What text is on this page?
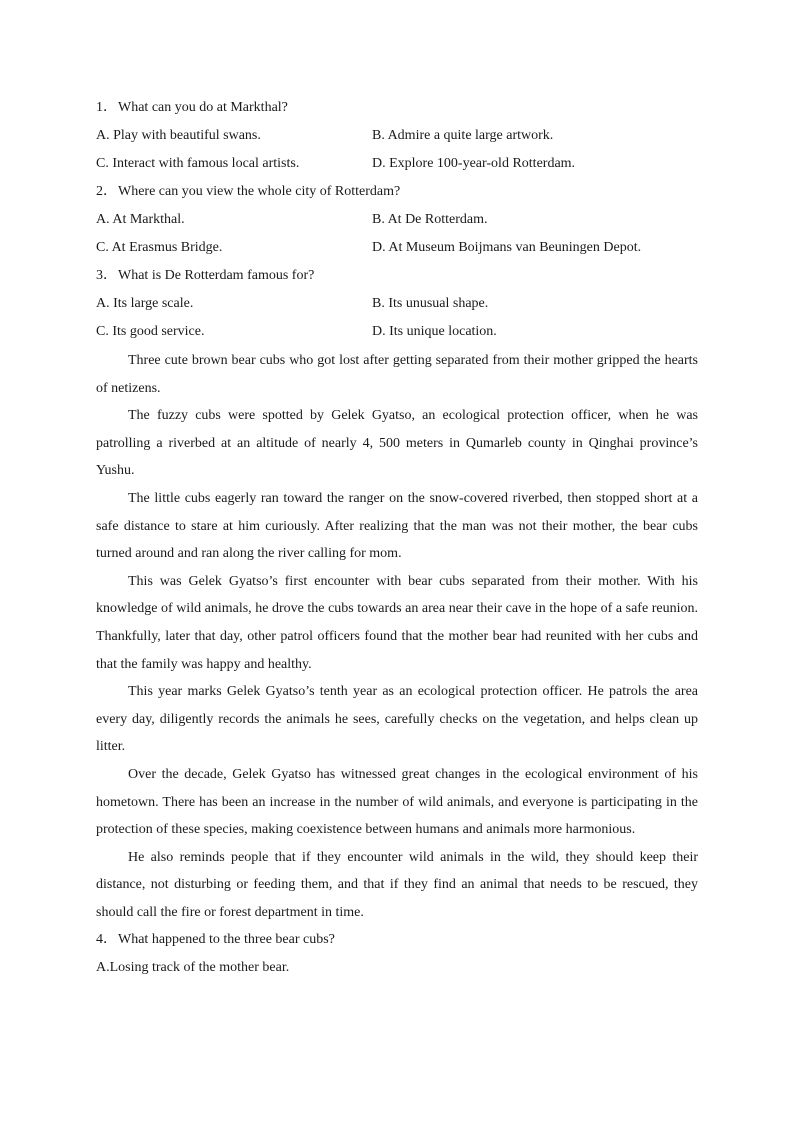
1．What can you do at Markthal?
A. Play with beautiful swans.	B. Admire a quite large artwork.
C. Interact with famous local artists.	D. Explore 100-year-old Rotterdam.
2．Where can you view the whole city of Rotterdam?
A. At Markthal.	B. At De Rotterdam.
C. At Erasmus Bridge.	D. At Museum Boijmans van Beuningen Depot.
3．What is De Rotterdam famous for?
A. Its large scale.	B. Its unusual shape.
C. Its good service.	D. Its unique location.

Three cute brown bear cubs who got lost after getting separated from their mother gripped the hearts of netizens.

The fuzzy cubs were spotted by Gelek Gyatso, an ecological protection officer, when he was patrolling a riverbed at an altitude of nearly 4, 500 meters in Qumarleb county in Qinghai province’s Yushu.

The little cubs eagerly ran toward the ranger on the snow-covered riverbed, then stopped short at a safe distance to stare at him curiously. After realizing that the man was not their mother, the bear cubs turned around and ran along the river calling for mom.

This was Gelek Gyatso’s first encounter with bear cubs separated from their mother. With his knowledge of wild animals, he drove the cubs towards an area near their cave in the hope of a safe reunion. Thankfully, later that day, other patrol officers found that the mother bear had reunited with her cubs and that the family was happy and healthy.

This year marks Gelek Gyatso’s tenth year as an ecological protection officer. He patrols the area every day, diligently records the animals he sees, carefully checks on the vegetation, and helps clean up litter.

Over the decade, Gelek Gyatso has witnessed great changes in the ecological environment of his hometown. There has been an increase in the number of wild animals, and everyone is participating in the protection of these species, making coexistence between humans and animals more harmonious.

He also reminds people that if they encounter wild animals in the wild, they should keep their distance, not disturbing or feeding them, and that if they find an animal that needs to be rescued, they should call the fire or forest department in time.

4．What happened to the three bear cubs?
A.Losing track of the mother bear.
